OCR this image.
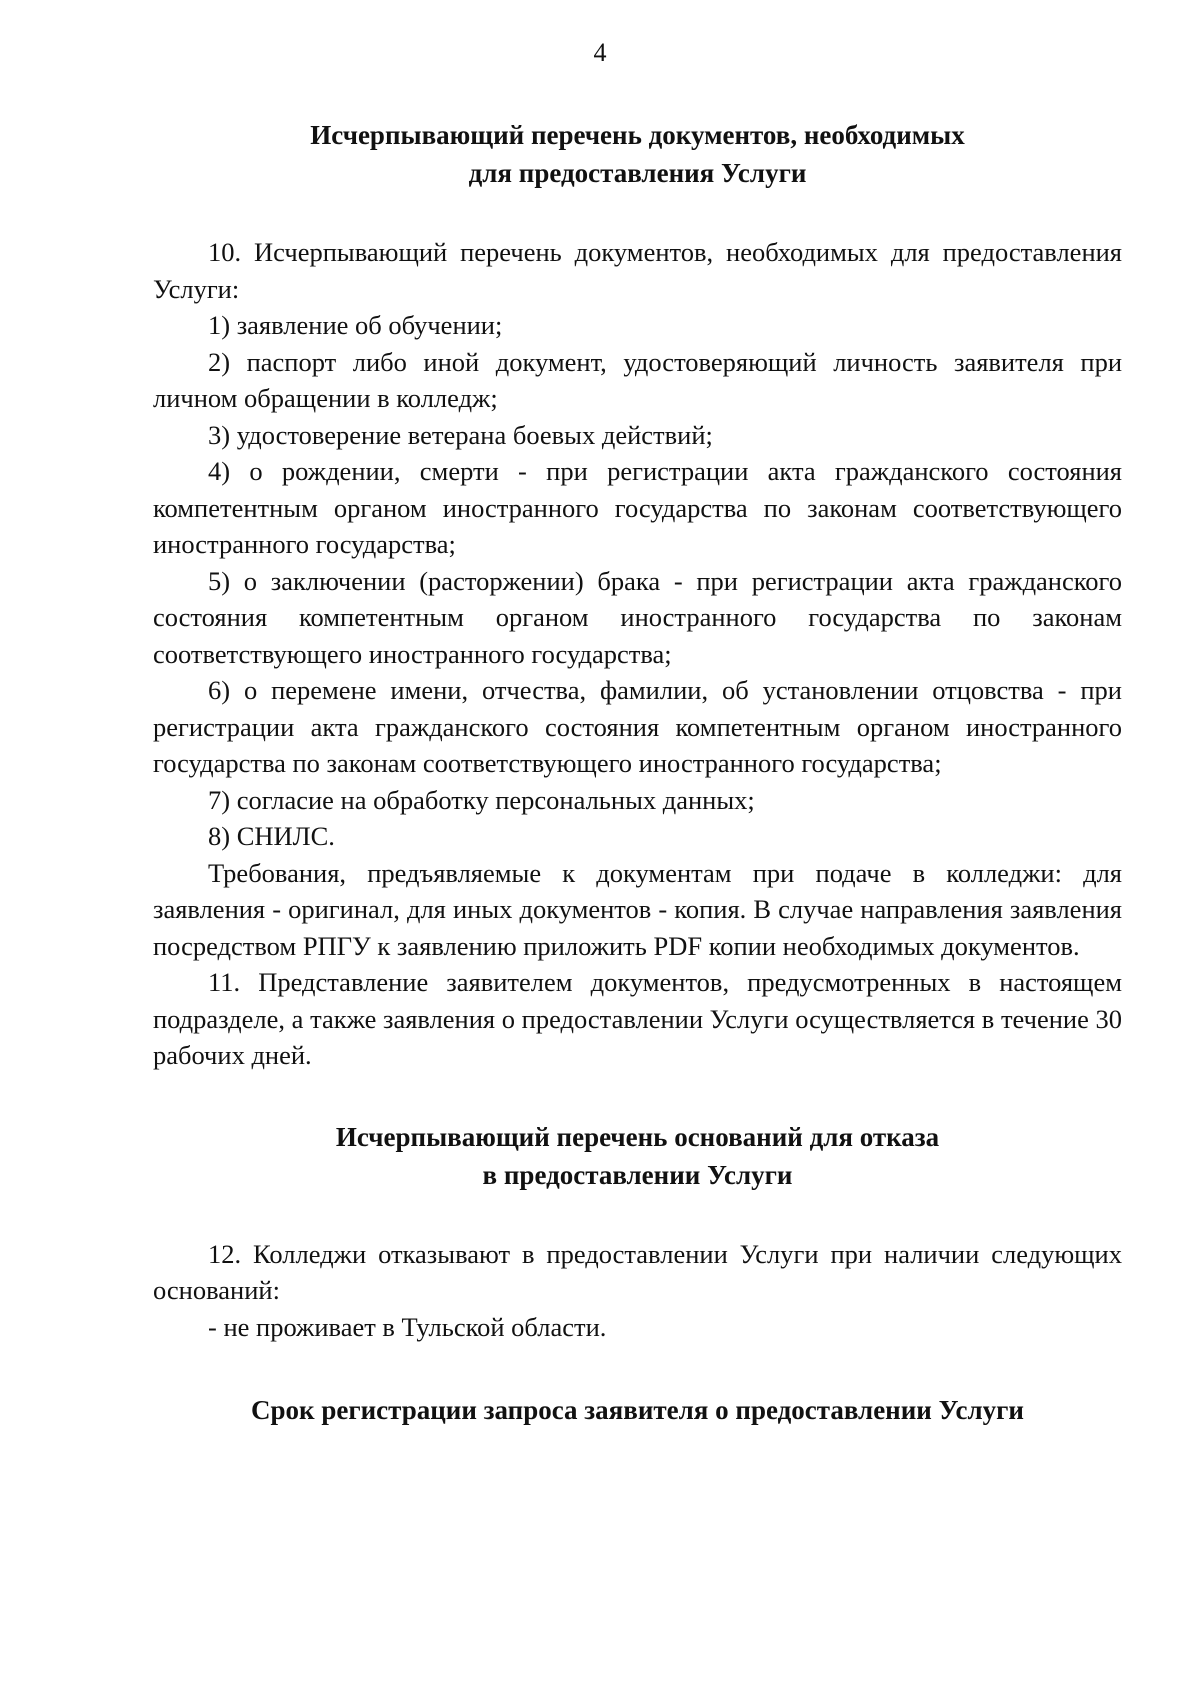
4
Исчерпывающий перечень документов, необходимых
для предоставления Услуги

10. Исчерпывающий перечень документов, необходимых для предоставления Услуги:

1) заявление об обучении;

2) паспорт либо иной документ, удостоверяющий личность заявителя при личном обращении в колледж;

3) удостоверение ветерана боевых действий;

4) о рождении, смерти - при регистрации акта гражданского состояния компетентным органом иностранного государства по законам соответствующего иностранного государства;

5) о заключении (расторжении) брака - при регистрации акта гражданского состояния компетентным органом иностранного государства по законам соответствующего иностранного государства;

6) о перемене имени, отчества, фамилии, об установлении отцовства - при регистрации акта гражданского состояния компетентным органом иностранного государства по законам соответствующего иностранного государства;

7) согласие на обработку персональных данных;

8) СНИЛС.

Требования, предъявляемые к документам при подаче в колледжи: для заявления - оригинал, для иных документов - копия. В случае направления заявления посредством РПГУ к заявлению приложить PDF копии необходимых документов.

11. Представление заявителем документов, предусмотренных в настоящем подразделе, а также заявления о предоставлении Услуги осуществляется в течение 30 рабочих дней.

Исчерпывающий перечень оснований для отказа
в предоставлении Услуги

12. Колледжи отказывают в предоставлении Услуги при наличии следующих оснований:

- не проживает в Тульской области.

Срок регистрации запроса заявителя о предоставлении Услуги
